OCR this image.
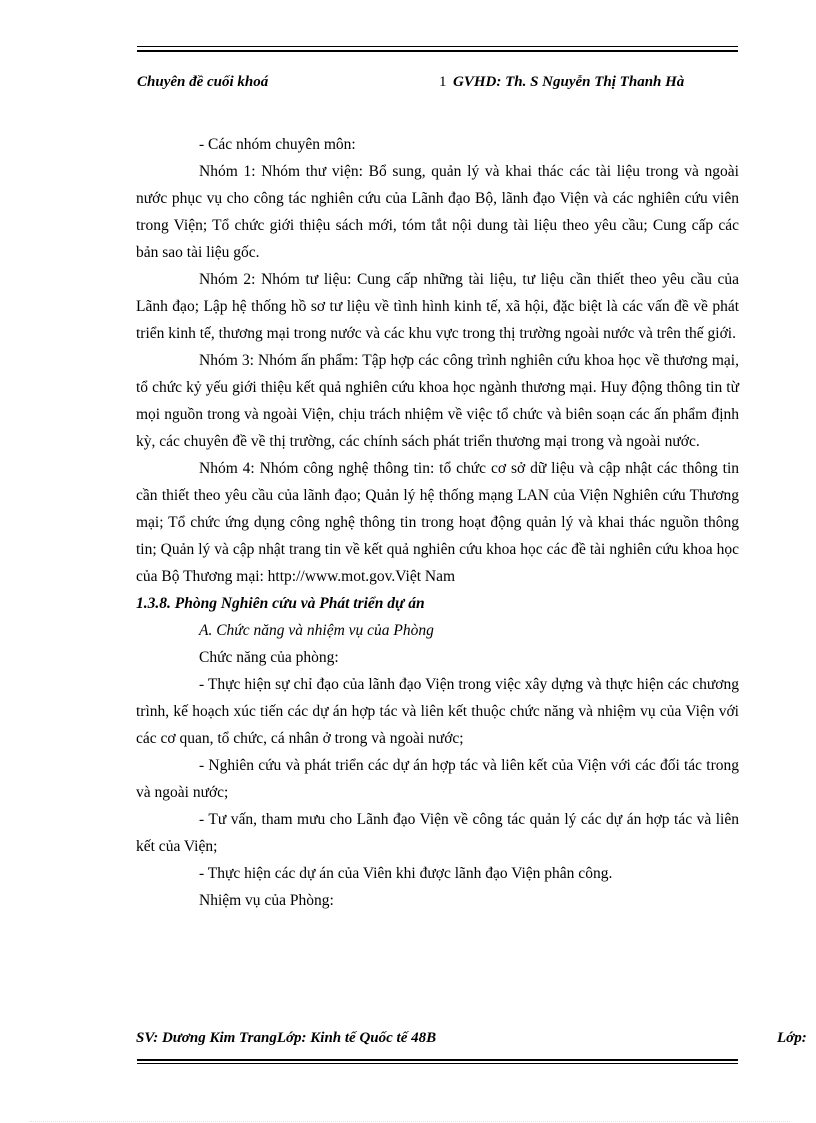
Chuyên đề cuối khoá	1 GVHD: Th. S Nguyễn Thị Thanh Hà

- Các nhóm chuyên môn:

Nhóm 1: Nhóm thư viện: Bổ sung, quản lý và khai thác các tài liệu trong và ngoài nước phục vụ cho công tác nghiên cứu của Lãnh đạo Bộ, lãnh đạo Viện và các nghiên cứu viên trong Viện; Tổ chức giới thiệu sách mới, tóm tắt nội dung tài liệu theo yêu cầu; Cung cấp các bản sao tài liệu gốc.

Nhóm 2: Nhóm tư liệu: Cung cấp những tài liệu, tư liệu cần thiết theo yêu cầu của Lãnh đạo; Lập hệ thống hồ sơ tư liệu về tình hình kinh tế, xã hội, đặc biệt là các vấn đề về phát triển kinh tế, thương mại trong nước và các khu vực trong thị trường ngoài nước và trên thế giới.

Nhóm 3: Nhóm ấn phẩm: Tập hợp các công trình nghiên cứu khoa học về thương mại, tổ chức kỷ yếu giới thiệu kết quả nghiên cứu khoa học ngành thương mại. Huy động thông tin từ mọi nguồn trong và ngoài Viện, chịu trách nhiệm về việc tổ chức và biên soạn các ấn phẩm định kỳ, các chuyên đề về thị trường, các chính sách phát triển thương mại trong và ngoài nước.

Nhóm 4: Nhóm công nghệ thông tin: tổ chức cơ sở dữ liệu và cập nhật các thông tin cần thiết theo yêu cầu của lãnh đạo; Quản lý hệ thống mạng LAN của Viện Nghiên cứu Thương mại; Tổ chức ứng dụng công nghệ thông tin trong hoạt động quản lý và khai thác nguồn thông tin; Quản lý và cập nhật trang tin về kết quả nghiên cứu khoa học các đề tài nghiên cứu khoa học của Bộ Thương mại: http://www.mot.gov.Việt Nam

1.3.8. Phòng Nghiên cứu và Phát triển dự án

A. Chức năng và nhiệm vụ của Phòng

Chức năng của phòng:

- Thực hiện sự chỉ đạo của lãnh đạo Viện trong việc xây dựng và thực hiện các chương trình, kế hoạch xúc tiến các dự án hợp tác và liên kết thuộc chức năng và nhiệm vụ của Viện với các cơ quan, tổ chức, cá nhân ở trong và ngoài nước;

- Nghiên cứu và phát triển các dự án hợp tác và liên kết của Viện với các đối tác trong và ngoài nước;

- Tư vấn, tham mưu cho Lãnh đạo Viện về công tác quản lý các dự án hợp tác và liên kết của Viện;

- Thực hiện các dự án của Viên khi được lãnh đạo Viện phân công.

Nhiệm vụ của Phòng:

SV: Dương Kim TrangLớp: Kinh tế Quốc tế 48B	Lớp:
